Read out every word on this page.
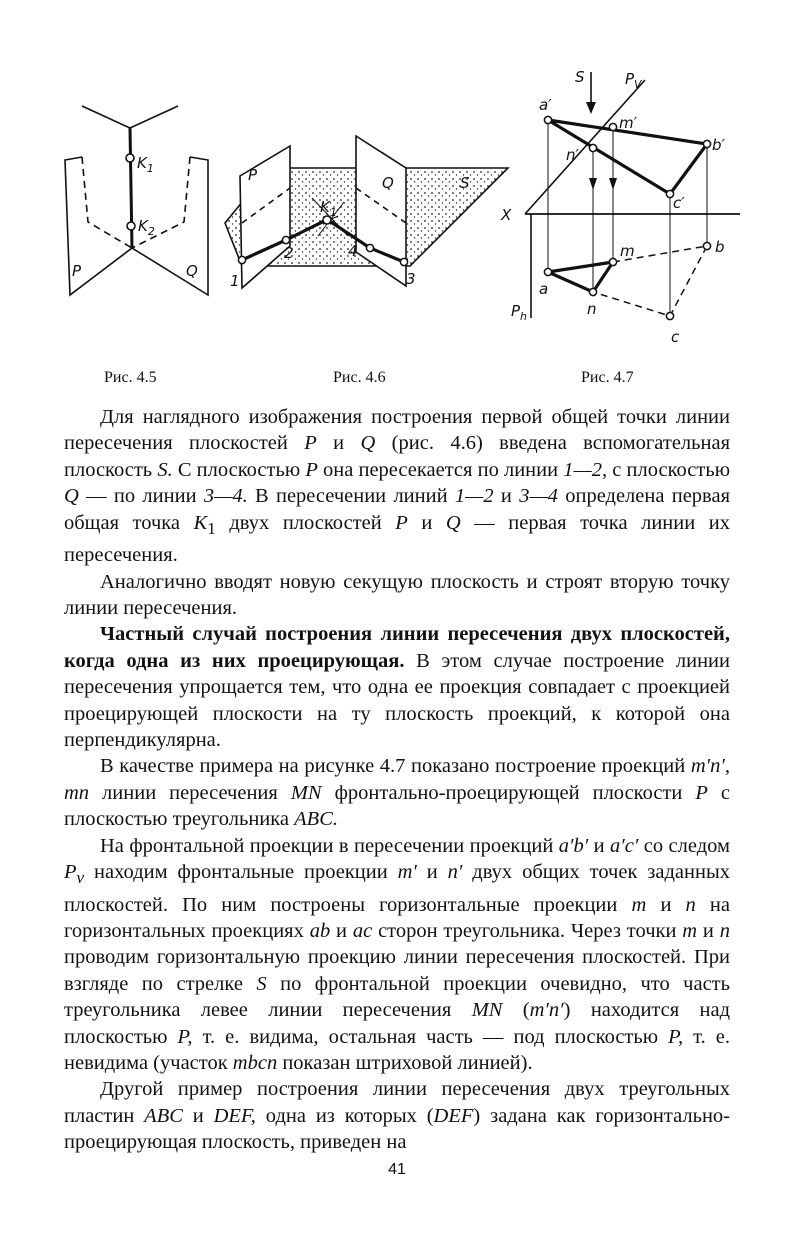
$K_1$
$K_2$
P	Q
P	Q	S
$K_1$
1
2
3
4
S	$P_V$
a′
m′
n′
b′
c′
X
m	b
a
n
c
$P_h$
Рис. 4.5	Рис. 4.6	Рис. 4.7

Для наглядного изображения построения первой общей точки линии пересечения плоскостей P и Q (рис. 4.6) введена вспомогательная плоскость S. С плоскостью P она пересекается по линии 1—2, с плоскостью Q — по линии 3—4. В пересечении линий 1—2 и 3—4 определена первая общая точка $K_1$ двух плоскостей P и Q — первая точка линии их пересечения.

Аналогично вводят новую секущую плоскость и строят вторую точку линии пересечения.

Частный случай построения линии пересечения двух плоскостей, когда одна из них проецирующая. В этом случае построение линии пересечения упрощается тем, что одна ее проекция совпадает с проекцией проецирующей плоскости на ту плоскость проекций, к которой она перпендикулярна.

В качестве примера на рисунке 4.7 показано построение проекций m′n′, mn линии пересечения MN фронтально-проецирующей плоскости P с плоскостью треугольника ABC.

На фронтальной проекции в пересечении проекций a′b′ и a′c′ со следом $P_v$ находим фронтальные проекции m′ и n′ двух общих точек заданных плоскостей. По ним построены горизонтальные проекции m и n на горизонтальных проекциях ab и ac сторон треугольника. Через точки m и n проводим горизонтальную проекцию линии пересечения плоскостей. При взгляде по стрелке S по фронтальной проекции очевидно, что часть треугольника левее линии пересечения MN (m′n′) находится над плоскостью P, т. е. видима, остальная часть — под плоскостью P, т. е. невидима (участок mbcn показан штриховой линией).

Другой пример построения линии пересечения двух треугольных пластин ABC и DEF, одна из которых (DEF) задана как горизонтально-проецирующая плоскость, приведен на

41
